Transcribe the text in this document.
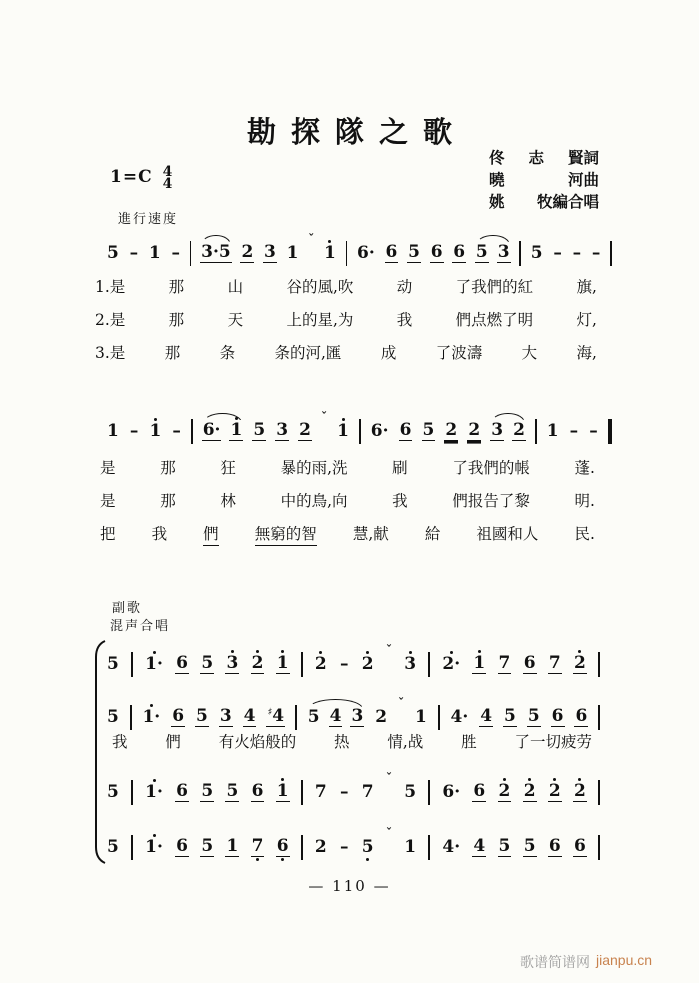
勘探隊之歌
佟 志 賢詞
曉	河曲
姚 牧編合唱
1=C 4
4
進行速度
5 – 1 – 3·5 2 3 1
ˇ
1 6· 6 5 6 6 5 3 5 – – –
1.是	那	山	谷的風,吹	动	了我們的紅	旗,
2.是	那	天	上的星,为	我	們点燃了明	灯,
3.是	那	条	条的河,匯	成	了波濤	大	海,
1 – 1 – 6· 1 5 3 2
ˇ
1 6· 6 5 2 2 3 2 1 – –
是	那	狂	暴的雨,洗	刷	了我們的帳	蓬.
是	那	林	中的鳥,向	我	們报告了黎	明.
把 我 們 無窮的智 慧,献 給 祖國和人 民.
副歌
混声合唱
5 1· 6 5 3 2 1 2 – 2
ˇ
3 2· 1 7 6 7 2
5 1· 6 5 3 4 ♯4 5 4 3 2
ˇ
1 4· 4 5 5 6 6
我 們 有火焰般的 热 情,战 胜 了一切疲劳
5 1· 6 5 5 6 1 7 – 7
ˇ
5 6· 6 2 2 2 2
5 1· 6 5 1 7 6 2 – 5
ˇ
1 4· 4 5 5 6 6
— 110 —
歌谱简谱网 jianpu.cn
